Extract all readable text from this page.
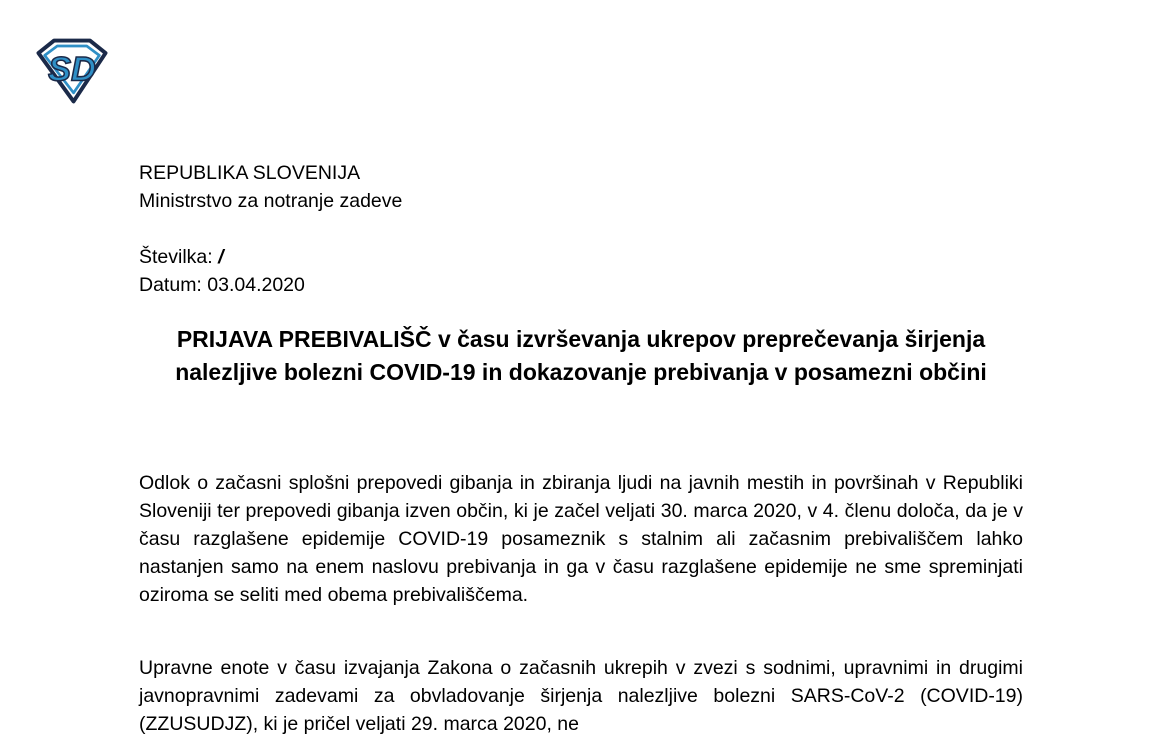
SD
REPUBLIKA SLOVENIJA
Ministrstvo za notranje zadeve
Številka: /
Datum: 03.04.2020
PRIJAVA PREBIVALIŠČ v času izvrševanja ukrepov preprečevanja širjenja nalezljive bolezni COVID-19 in dokazovanje prebivanja v posamezni občini
Odlok o začasni splošni prepovedi gibanja in zbiranja ljudi na javnih mestih in površinah v Republiki Sloveniji ter prepovedi gibanja izven občin, ki je začel veljati 30. marca 2020, v 4. členu določa, da je v času razglašene epidemije COVID-19 posameznik s stalnim ali začasnim prebivališčem lahko nastanjen samo na enem naslovu prebivanja in ga v času razglašene epidemije ne sme spreminjati oziroma se seliti med obema prebivališčema.
Upravne enote v času izvajanja Zakona o začasnih ukrepih v zvezi s sodnimi, upravnimi in drugimi javnopravnimi zadevami za obvladovanje širjenja nalezljive bolezni SARS-CoV-2 (COVID-19) (ZZUSUDJZ), ki je pričel veljati 29. marca 2020, ne
